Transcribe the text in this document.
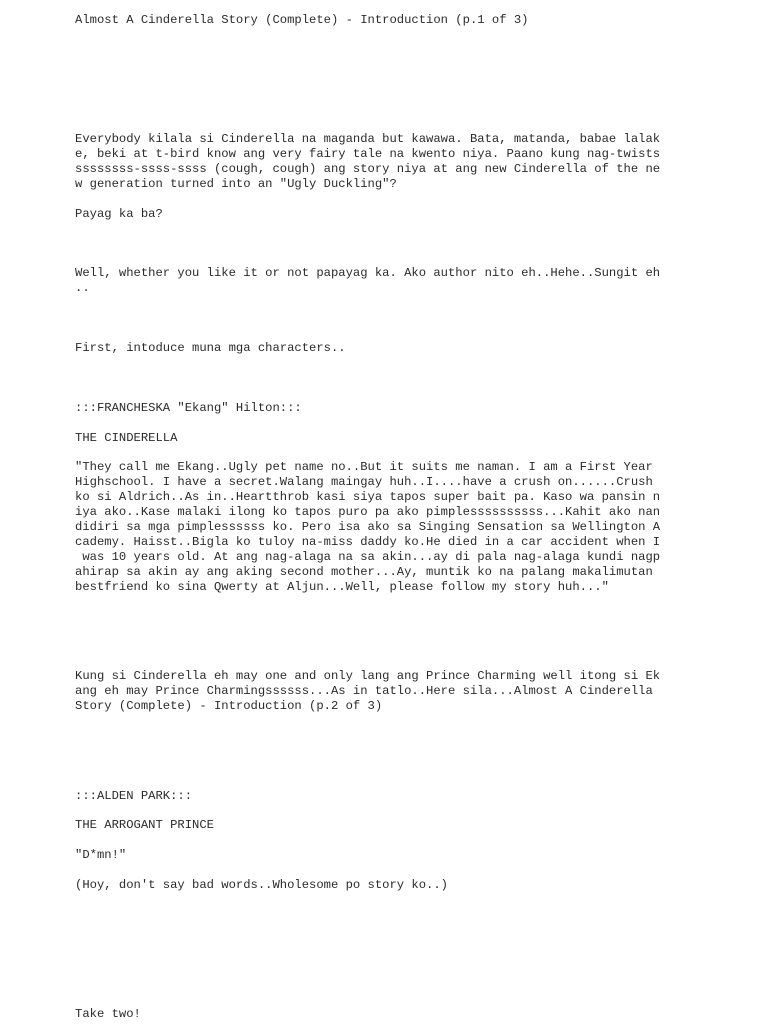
Almost A Cinderella Story (Complete) - Introduction (p.1 of 3)
Everybody kilala si Cinderella na maganda but kawawa. Bata, matanda, babae lalak
e, beki at t-bird know ang very fairy tale na kwento niya. Paano kung nag-twists
ssssssss-ssss-ssss (cough, cough) ang story niya at ang new Cinderella of the ne
w generation turned into an "Ugly Duckling"?
Payag ka ba?
Well, whether you like it or not papayag ka. Ako author nito eh..Hehe..Sungit eh
..
First, intoduce muna mga characters..
:::FRANCHESKA "Ekang" Hilton:::
THE CINDERELLA
"They call me Ekang..Ugly pet name no..But it suits me naman. I am a First Year
Highschool. I have a secret.Walang maingay huh..I....have a crush on......Crush
ko si Aldrich..As in..Heartthrob kasi siya tapos super bait pa. Kaso wa pansin n
iya ako..Kase malaki ilong ko tapos puro pa ako pimplessssssssss...Kahit ako nan
didiri sa mga pimplessssss ko. Pero isa ako sa Singing Sensation sa Wellington A
cademy. Haisst..Bigla ko tuloy na-miss daddy ko.He died in a car accident when I
was 10 years old. At ang nag-alaga na sa akin...ay di pala nag-alaga kundi nagp
ahirap sa akin ay ang aking second mother...Ay, muntik ko na palang makalimutan
bestfriend ko sina Qwerty at Aljun...Well, please follow my story huh..."
Kung si Cinderella eh may one and only lang ang Prince Charming well itong si Ek
ang eh may Prince Charmingssssss...As in tatlo..Here sila...Almost A Cinderella
Story (Complete) - Introduction (p.2 of 3)
:::ALDEN PARK:::
THE ARROGANT PRINCE
"D*mn!"
(Hoy, don't say bad words..Wholesome po story ko..)
Take two!
